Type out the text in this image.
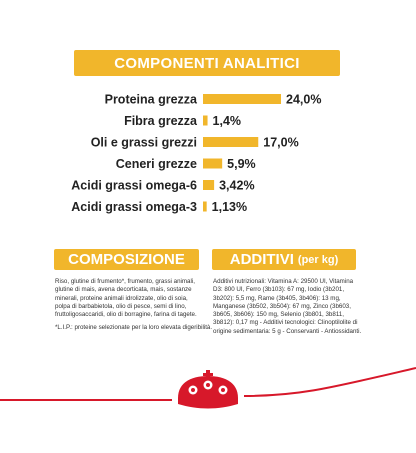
COMPONENTI ANALITICI
Proteina grezza	24,0%
Fibra grezza 1,4%
Oli e grassi grezzi	17,0%
Ceneri grezze 5,9%
Acidi grassi omega-6 3,42%
Acidi grassi omega-3 1,13%
COMPOSIZIONE	ADDITIVI (per kg)
Riso, glutine di frumento*, frumento, grassi animali, glutine di mais, avena decorticata, mais, sostanze minerali, proteine animali idrolizzate, olio di soia, polpa di barbabietola, olio di pesce, semi di lino, fruttoligosaccaridi, olio di borragine, farina di tagete.
*L.I.P.: proteine selezionate per la loro elevata digeribilità.
Additivi nutrizionali: Vitamina A: 29500 UI, Vitamina D3: 800 UI, Ferro (3b103): 67 mg, Iodio (3b201, 3b202): 5,5 mg, Rame (3b405, 3b406): 13 mg, Manganese (3b502, 3b504): 67 mg, Zinco (3b603, 3b605, 3b606): 150 mg, Selenio (3b801, 3b811, 3b812): 0,17 mg - Additivi tecnologici: Clinoptilolite di origine sedimentaria: 5 g - Conservanti - Antiossidanti.
